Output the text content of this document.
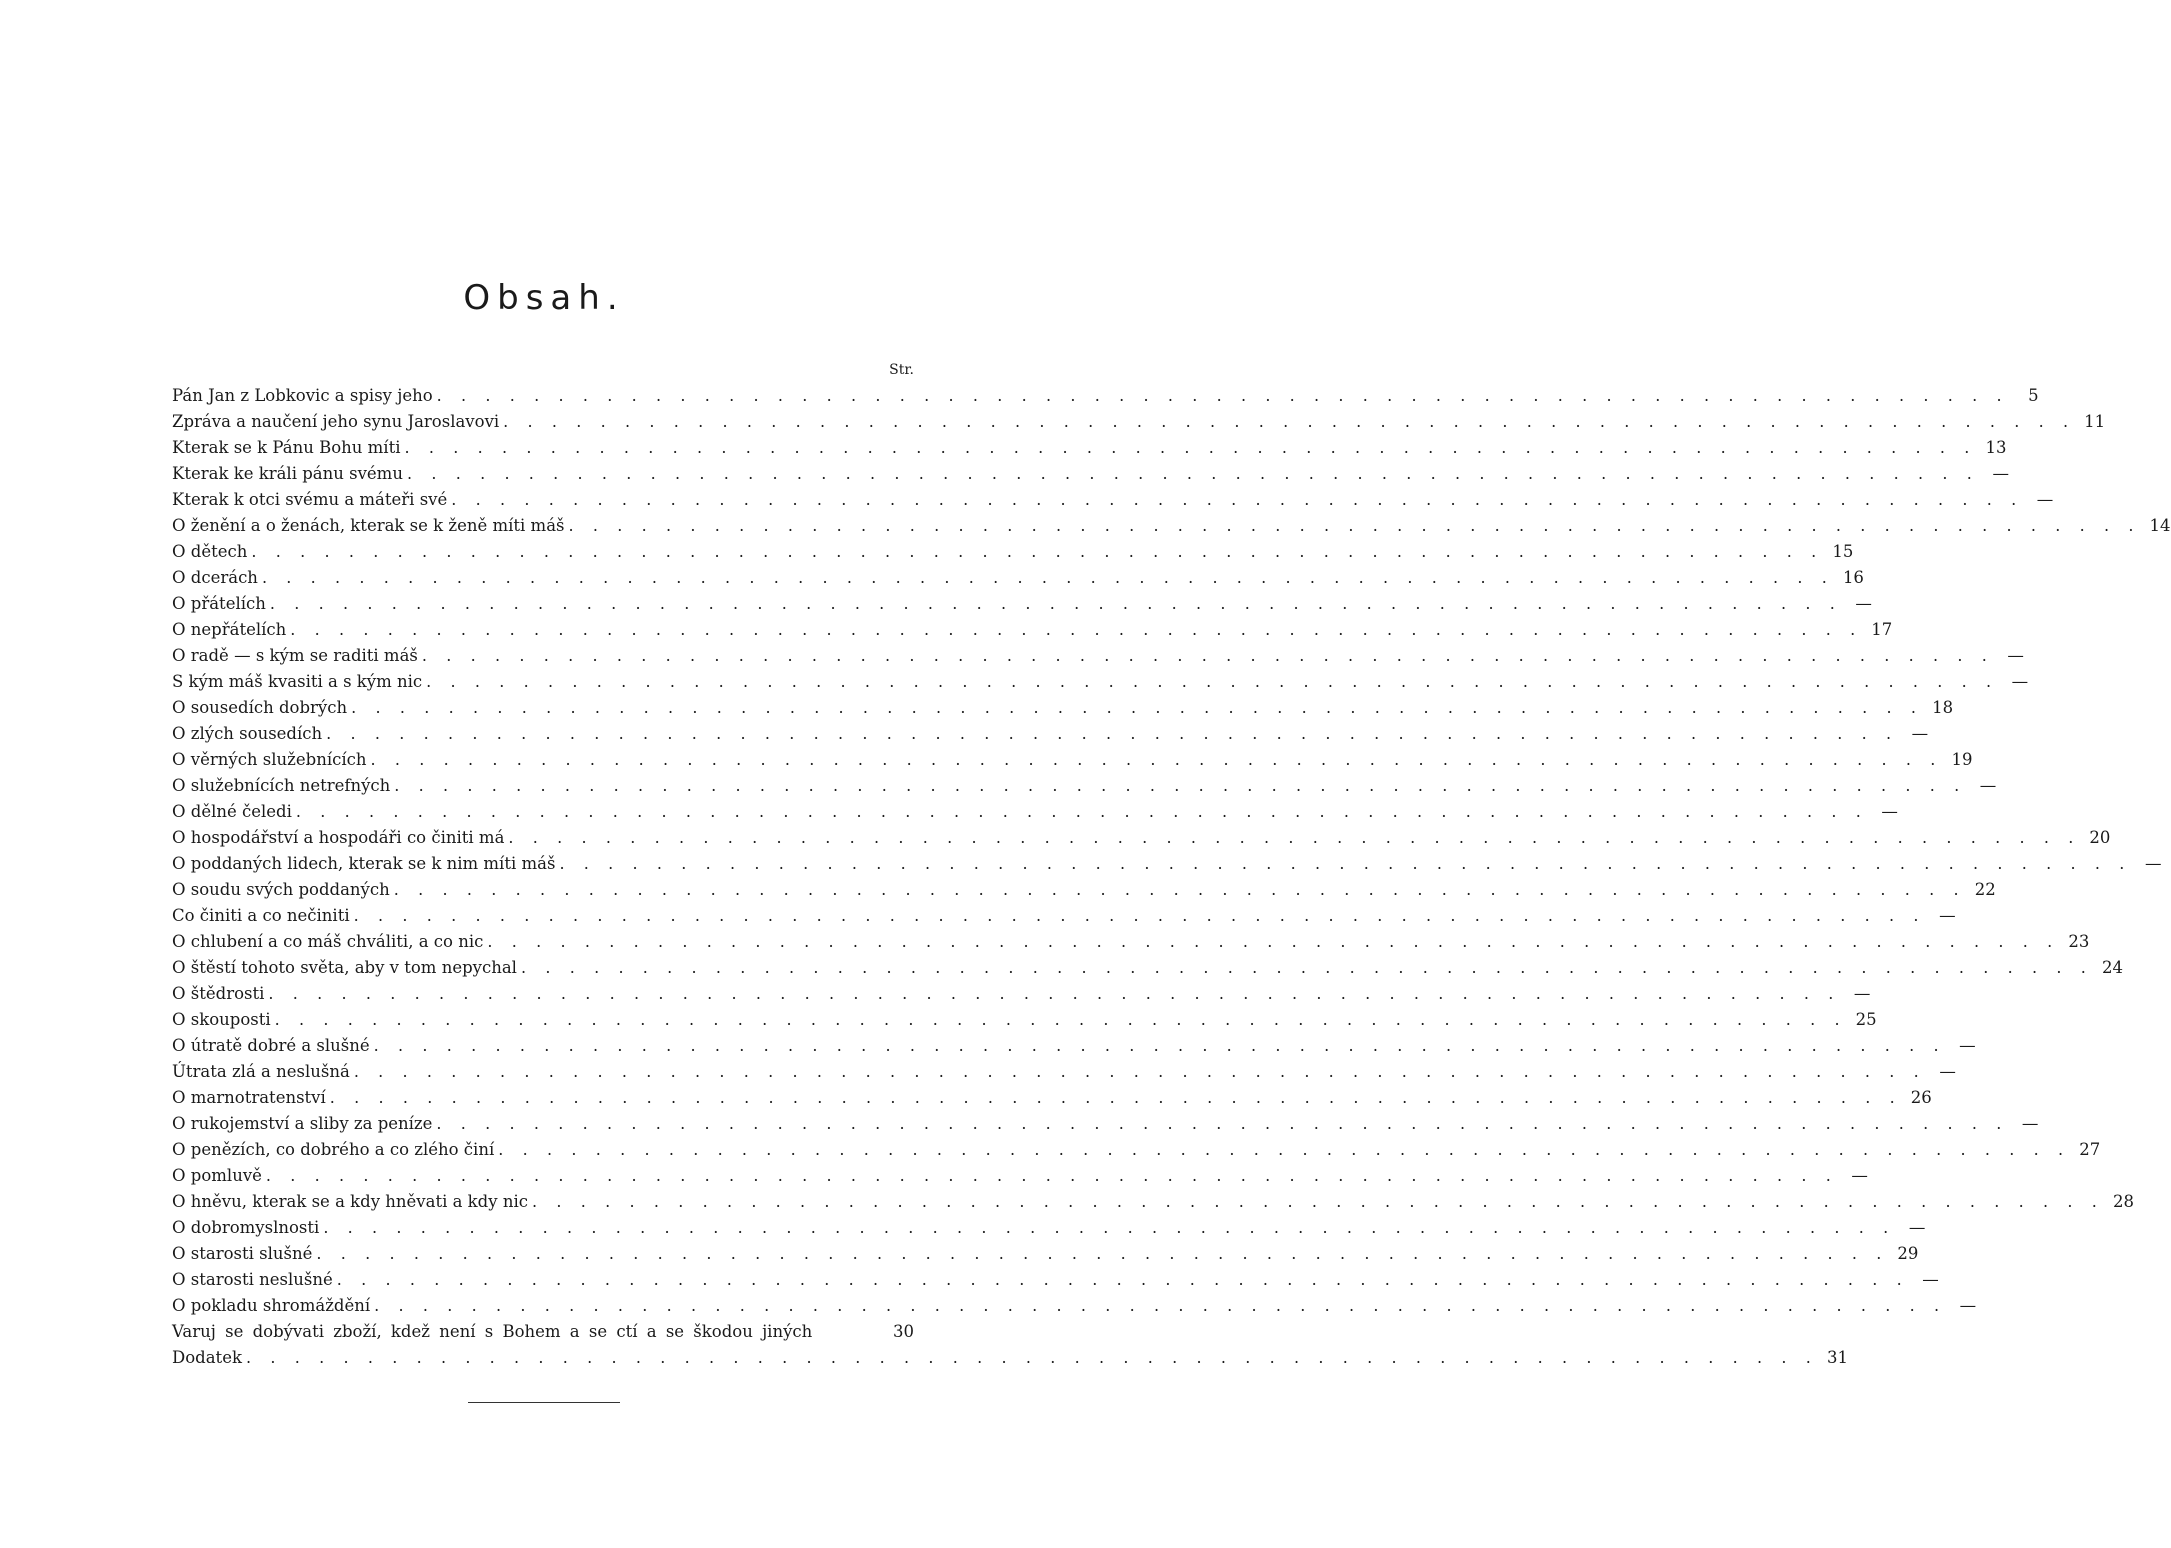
Obsah.
Str.
Pán Jan z Lobkovic a spisy jeho . . . . . . . . . . . . . . . . . . . . . . . . . . . . . . . . . . . . . . . . . . . . . . . . . . . . . . . . . . . . . . . . .	5
Zpráva a naučení jeho synu Jaroslavovi . . . . . . . . . . . . . . . . . . . . . . . . . . . . . . . . . . . . . . . . . . . . . . . . . . . . . . . . . . . . . . . . . 11
Kterak se k Pánu Bohu míti . . . . . . . . . . . . . . . . . . . . . . . . . . . . . . . . . . . . . . . . . . . . . . . . . . . . . . . . . . . . . . . . . 13
Kterak ke králi pánu svému . . . . . . . . . . . . . . . . . . . . . . . . . . . . . . . . . . . . . . . . . . . . . . . . . . . . . . . . . . . . . . . . . —
Kterak k otci svému a máteři své . . . . . . . . . . . . . . . . . . . . . . . . . . . . . . . . . . . . . . . . . . . . . . . . . . . . . . . . . . . . . . . . . —
O ženění a o ženách, kterak se k ženě míti máš . . . . . . . . . . . . . . . . . . . . . . . . . . . . . . . . . . . . . . . . . . . . . . . . . . . . . . . . . . . . . . . . . 14
O dětech . . . . . . . . . . . . . . . . . . . . . . . . . . . . . . . . . . . . . . . . . . . . . . . . . . . . . . . . . . . . . . . . . 15
O dcerách . . . . . . . . . . . . . . . . . . . . . . . . . . . . . . . . . . . . . . . . . . . . . . . . . . . . . . . . . . . . . . . . . 16
O přátelích . . . . . . . . . . . . . . . . . . . . . . . . . . . . . . . . . . . . . . . . . . . . . . . . . . . . . . . . . . . . . . . . . —
O nepřátelích . . . . . . . . . . . . . . . . . . . . . . . . . . . . . . . . . . . . . . . . . . . . . . . . . . . . . . . . . . . . . . . . . 17
O radě — s kým se raditi máš . . . . . . . . . . . . . . . . . . . . . . . . . . . . . . . . . . . . . . . . . . . . . . . . . . . . . . . . . . . . . . . . . —
S kým máš kvasiti a s kým nic . . . . . . . . . . . . . . . . . . . . . . . . . . . . . . . . . . . . . . . . . . . . . . . . . . . . . . . . . . . . . . . . . —
O sousedích dobrých . . . . . . . . . . . . . . . . . . . . . . . . . . . . . . . . . . . . . . . . . . . . . . . . . . . . . . . . . . . . . . . . . 18
O zlých sousedích . . . . . . . . . . . . . . . . . . . . . . . . . . . . . . . . . . . . . . . . . . . . . . . . . . . . . . . . . . . . . . . . . —
O věrných služebnících . . . . . . . . . . . . . . . . . . . . . . . . . . . . . . . . . . . . . . . . . . . . . . . . . . . . . . . . . . . . . . . . . 19
O služebnících netrefných . . . . . . . . . . . . . . . . . . . . . . . . . . . . . . . . . . . . . . . . . . . . . . . . . . . . . . . . . . . . . . . . . —
O dělné čeledi . . . . . . . . . . . . . . . . . . . . . . . . . . . . . . . . . . . . . . . . . . . . . . . . . . . . . . . . . . . . . . . . . —
O hospodářství a hospodáři co činiti má . . . . . . . . . . . . . . . . . . . . . . . . . . . . . . . . . . . . . . . . . . . . . . . . . . . . . . . . . . . . . . . . . 20
O poddaných lidech, kterak se k nim míti máš . . . . . . . . . . . . . . . . . . . . . . . . . . . . . . . . . . . . . . . . . . . . . . . . . . . . . . . . . . . . . . . . . —
O soudu svých poddaných . . . . . . . . . . . . . . . . . . . . . . . . . . . . . . . . . . . . . . . . . . . . . . . . . . . . . . . . . . . . . . . . . 22
Co činiti a co nečiniti . . . . . . . . . . . . . . . . . . . . . . . . . . . . . . . . . . . . . . . . . . . . . . . . . . . . . . . . . . . . . . . . . —
O chlubení a co máš chváliti, a co nic . . . . . . . . . . . . . . . . . . . . . . . . . . . . . . . . . . . . . . . . . . . . . . . . . . . . . . . . . . . . . . . . . 23
O štěstí tohoto světa, aby v tom nepychal . . . . . . . . . . . . . . . . . . . . . . . . . . . . . . . . . . . . . . . . . . . . . . . . . . . . . . . . . . . . . . . . . 24
O štědrosti . . . . . . . . . . . . . . . . . . . . . . . . . . . . . . . . . . . . . . . . . . . . . . . . . . . . . . . . . . . . . . . . . —
O skouposti . . . . . . . . . . . . . . . . . . . . . . . . . . . . . . . . . . . . . . . . . . . . . . . . . . . . . . . . . . . . . . . . . 25
O útratě dobré a slušné . . . . . . . . . . . . . . . . . . . . . . . . . . . . . . . . . . . . . . . . . . . . . . . . . . . . . . . . . . . . . . . . . —
Útrata zlá a neslušná . . . . . . . . . . . . . . . . . . . . . . . . . . . . . . . . . . . . . . . . . . . . . . . . . . . . . . . . . . . . . . . . . —
O marnotratenství . . . . . . . . . . . . . . . . . . . . . . . . . . . . . . . . . . . . . . . . . . . . . . . . . . . . . . . . . . . . . . . . . 26
O rukojemství a sliby za peníze . . . . . . . . . . . . . . . . . . . . . . . . . . . . . . . . . . . . . . . . . . . . . . . . . . . . . . . . . . . . . . . . . —
O penězích, co dobrého a co zlého činí . . . . . . . . . . . . . . . . . . . . . . . . . . . . . . . . . . . . . . . . . . . . . . . . . . . . . . . . . . . . . . . . . 27
O pomluvě . . . . . . . . . . . . . . . . . . . . . . . . . . . . . . . . . . . . . . . . . . . . . . . . . . . . . . . . . . . . . . . . . —
O hněvu, kterak se a kdy hněvati a kdy nic . . . . . . . . . . . . . . . . . . . . . . . . . . . . . . . . . . . . . . . . . . . . . . . . . . . . . . . . . . . . . . . . . 28
O dobromyslnosti . . . . . . . . . . . . . . . . . . . . . . . . . . . . . . . . . . . . . . . . . . . . . . . . . . . . . . . . . . . . . . . . . —
O starosti slušné . . . . . . . . . . . . . . . . . . . . . . . . . . . . . . . . . . . . . . . . . . . . . . . . . . . . . . . . . . . . . . . . . 29
O starosti neslušné . . . . . . . . . . . . . . . . . . . . . . . . . . . . . . . . . . . . . . . . . . . . . . . . . . . . . . . . . . . . . . . . . —
O pokladu shromáždění . . . . . . . . . . . . . . . . . . . . . . . . . . . . . . . . . . . . . . . . . . . . . . . . . . . . . . . . . . . . . . . . . —
Varuj se dobývati zboží, kdež není s Bohem a se ctí a se škodou jiných	30
Dodatek . . . . . . . . . . . . . . . . . . . . . . . . . . . . . . . . . . . . . . . . . . . . . . . . . . . . . . . . . . . . . . . . . 31
